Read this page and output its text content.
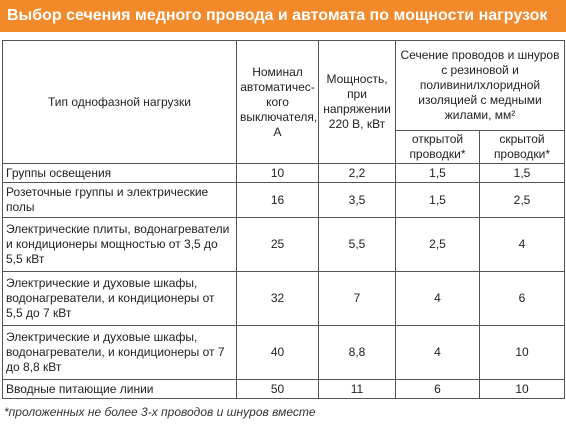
Выбор сечения медного провода и автомата по мощности нагрузок
Тип однофазной нагрузки	Номинал автоматичес-кого выключателя, А	Мощность, при напряжении 220 В, кВт	Сечение проводов и шнуров с резиновой и поливинилхлоридной изоляцией с медными жилами, мм²	
			открытой проводки*	скрытой проводки*
Группы освещения	10	2,2	1,5	1,5
Розеточные группы и электрические полы	16	3,5	1,5	2,5
Электрические плиты, водонагреватели и кондиционеры мощностью от 3,5 до 5,5 кВт	25	5,5	2,5	4
Электрические и духовые шкафы, водонагреватели, и кондиционеры от 5,5 до 7 кВт	32	7	4	6
Электрические и духовые шкафы, водонагреватели, и кондиционеры от 7 до 8,8 кВт	40	8,8	4	10
Вводные питающие линии	50	11	6	10
*проложенных не более 3-х проводов и шнуров вместе
